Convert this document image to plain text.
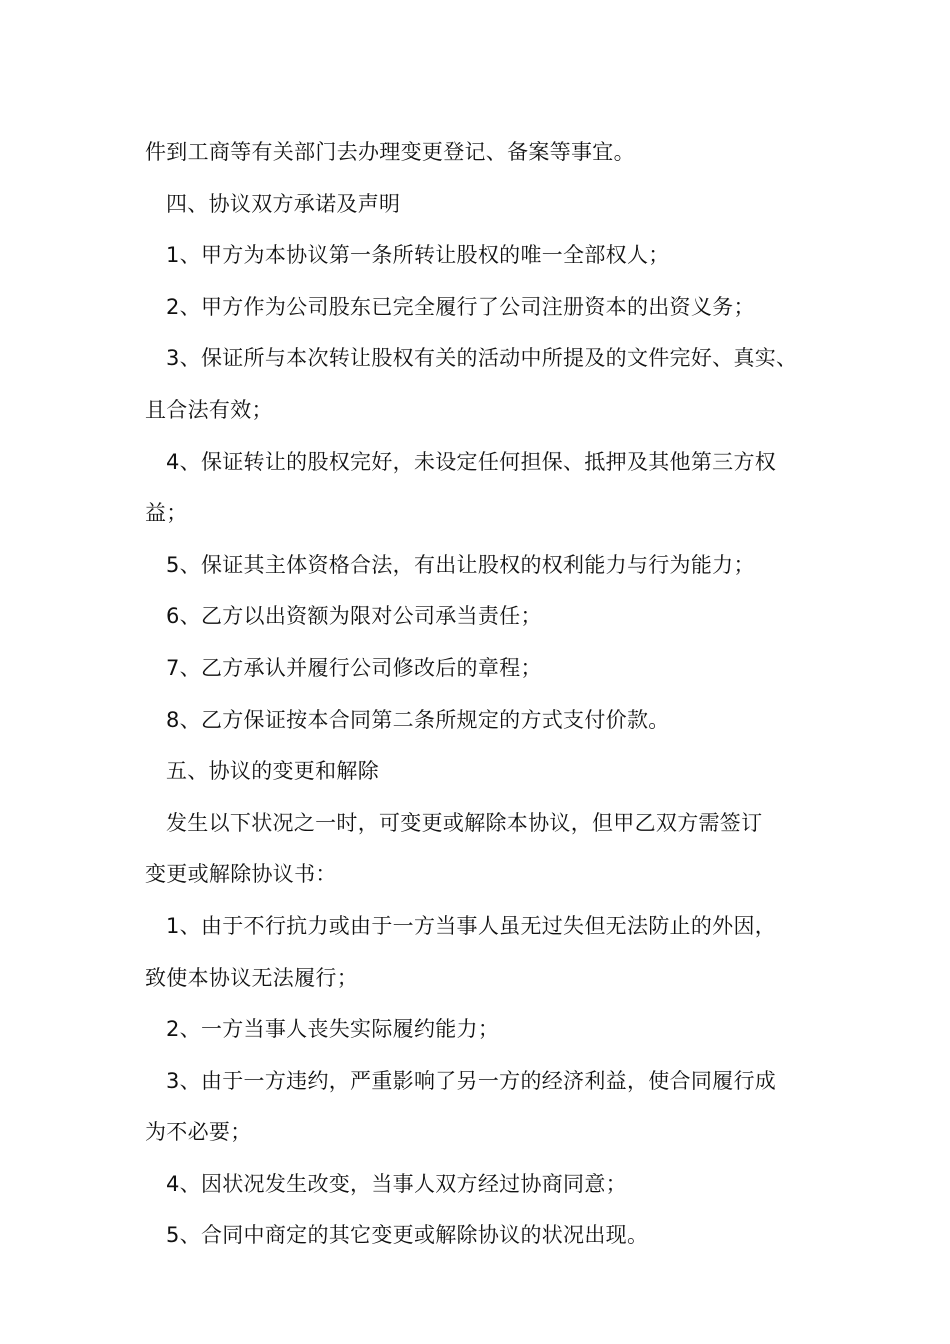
件到工商等有关部门去办理变更登记、备案等事宜。
四、协议双方承诺及声明
1、甲方为本协议第一条所转让股权的唯一全部权人；
2、甲方作为公司股东已完全履行了公司注册资本的出资义务；
3、保证所与本次转让股权有关的活动中所提及的文件完好、真实、
且合法有效；
4、保证转让的股权完好，未设定任何担保、抵押及其他第三方权
益；
5、保证其主体资格合法，有出让股权的权利能力与行为能力；
6、乙方以出资额为限对公司承当责任；
7、乙方承认并履行公司修改后的章程；
8、乙方保证按本合同第二条所规定的方式支付价款。
五、协议的变更和解除
发生以下状况之一时，可变更或解除本协议，但甲乙双方需签订
变更或解除协议书：
1、由于不行抗力或由于一方当事人虽无过失但无法防止的外因，
致使本协议无法履行；
2、一方当事人丧失实际履约能力；
3、由于一方违约，严重影响了另一方的经济利益，使合同履行成
为不必要；
4、因状况发生改变，当事人双方经过协商同意；
5、合同中商定的其它变更或解除协议的状况出现。
